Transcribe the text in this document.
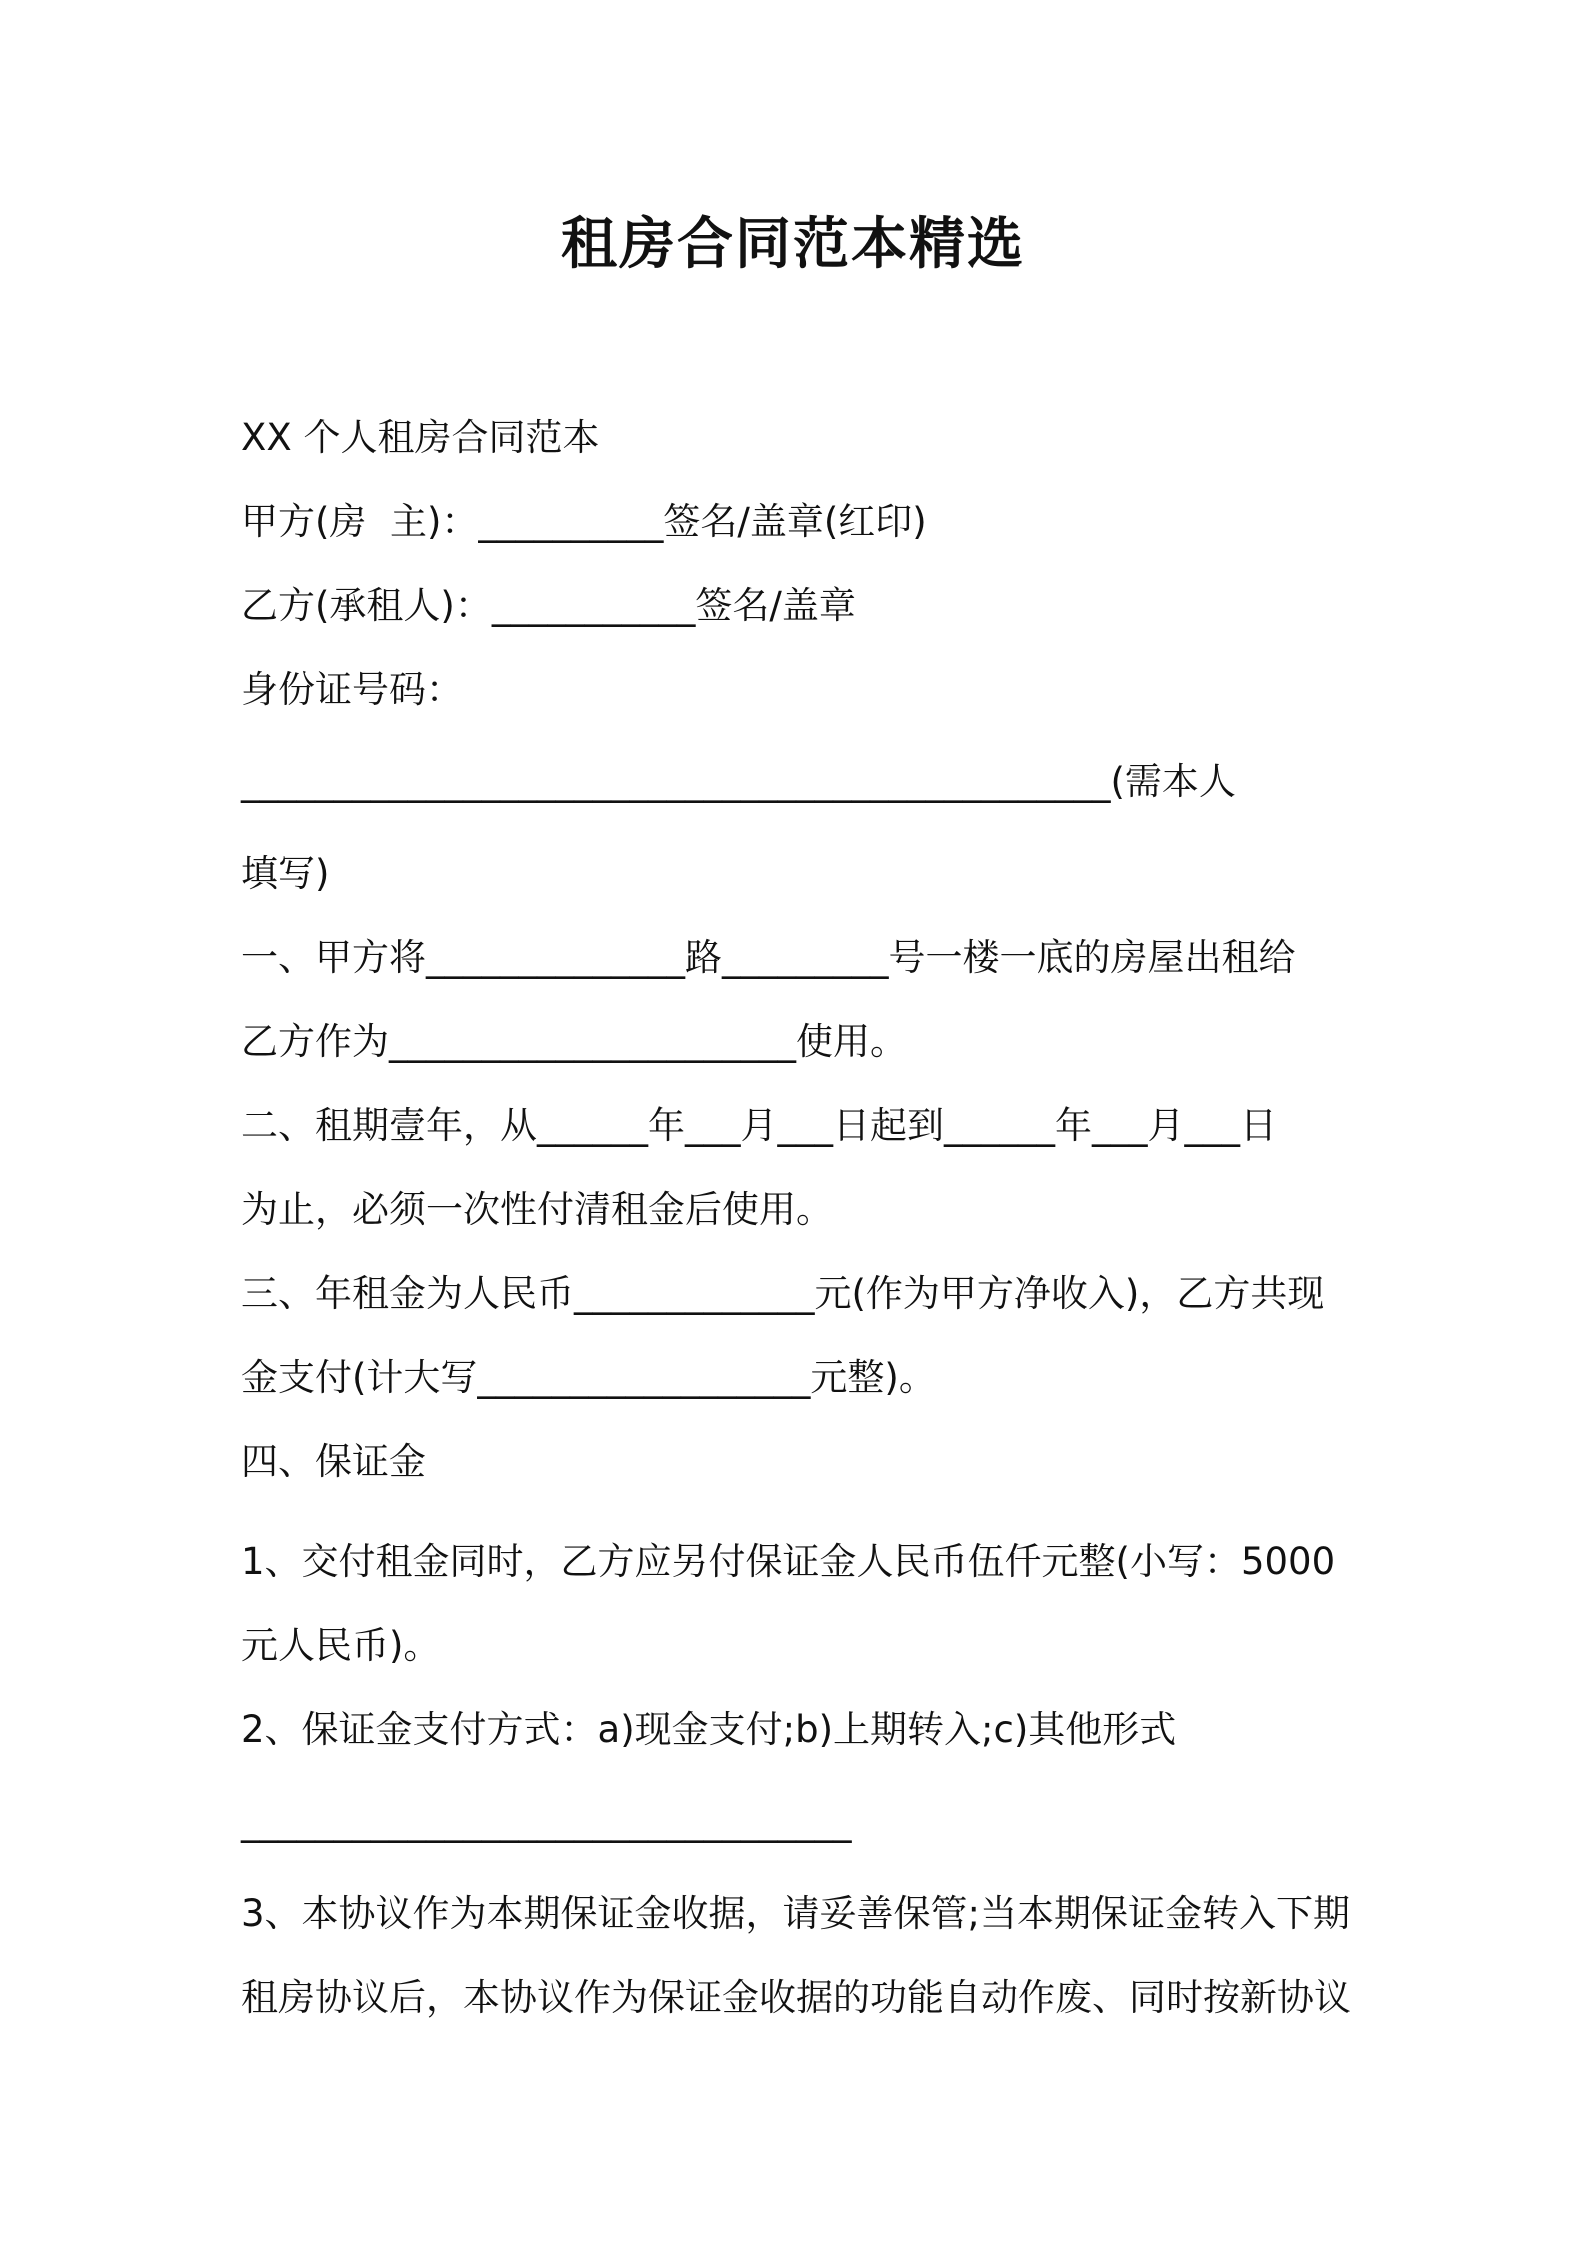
租房合同范本精选

XX 个人租房合同范本

甲方(房  主)：__________签名/盖章(红印)

乙方(承租人)：___________签名/盖章

身份证号码：

_______________________________________________(需本人

填写)

一、甲方将______________路_________号一楼一底的房屋出租给

乙方作为______________________使用。

二、租期壹年，从______年___月___日起到______年___月___日

为止，必须一次性付清租金后使用。

三、年租金为人民币_____________元(作为甲方净收入)，乙方共现

金支付(计大写__________________元整)。

四、保证金

1、交付租金同时，乙方应另付保证金人民币伍仟元整(小写：5000

元人民币)。

2、保证金支付方式：a)现金支付;b)上期转入;c)其他形式

_________________________________

3、本协议作为本期保证金收据，请妥善保管;当本期保证金转入下期

租房协议后，本协议作为保证金收据的功能自动作废、同时按新协议
